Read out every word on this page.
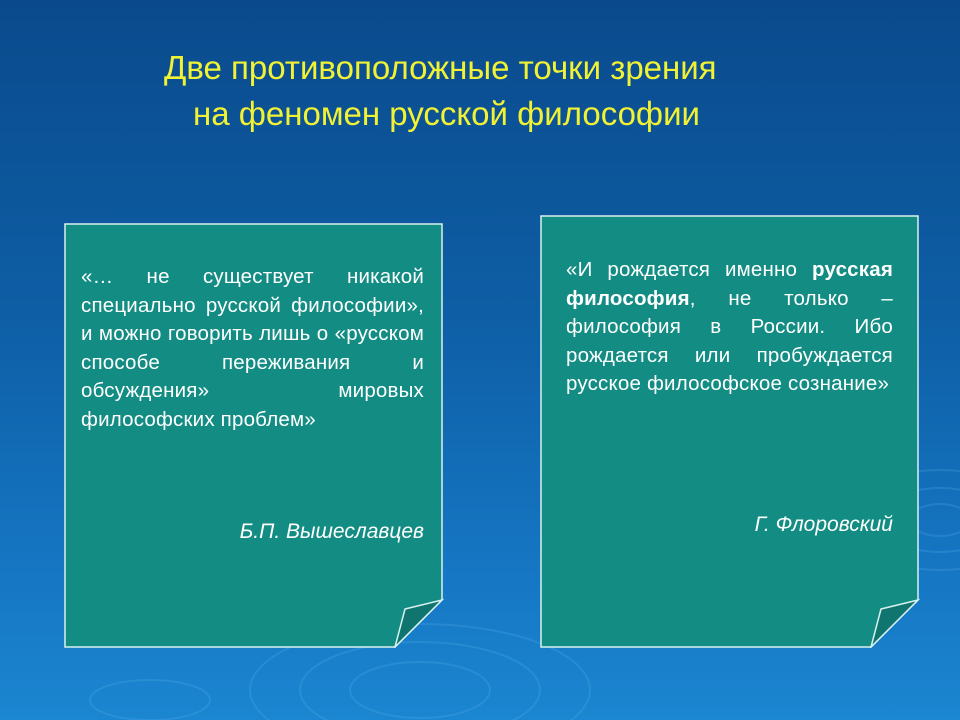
Две противоположные точки зрения
на феномен русской философии
«… не существует никакой специально русской философии», и можно говорить лишь о «русском способе переживания и обсуждения» мировых философских проблем»
Б.П. Вышеславцев
«И рождается именно русская философия, не только – философия в России. Ибо рождается или пробуждается русское философское сознание»
Г. Флоровский
